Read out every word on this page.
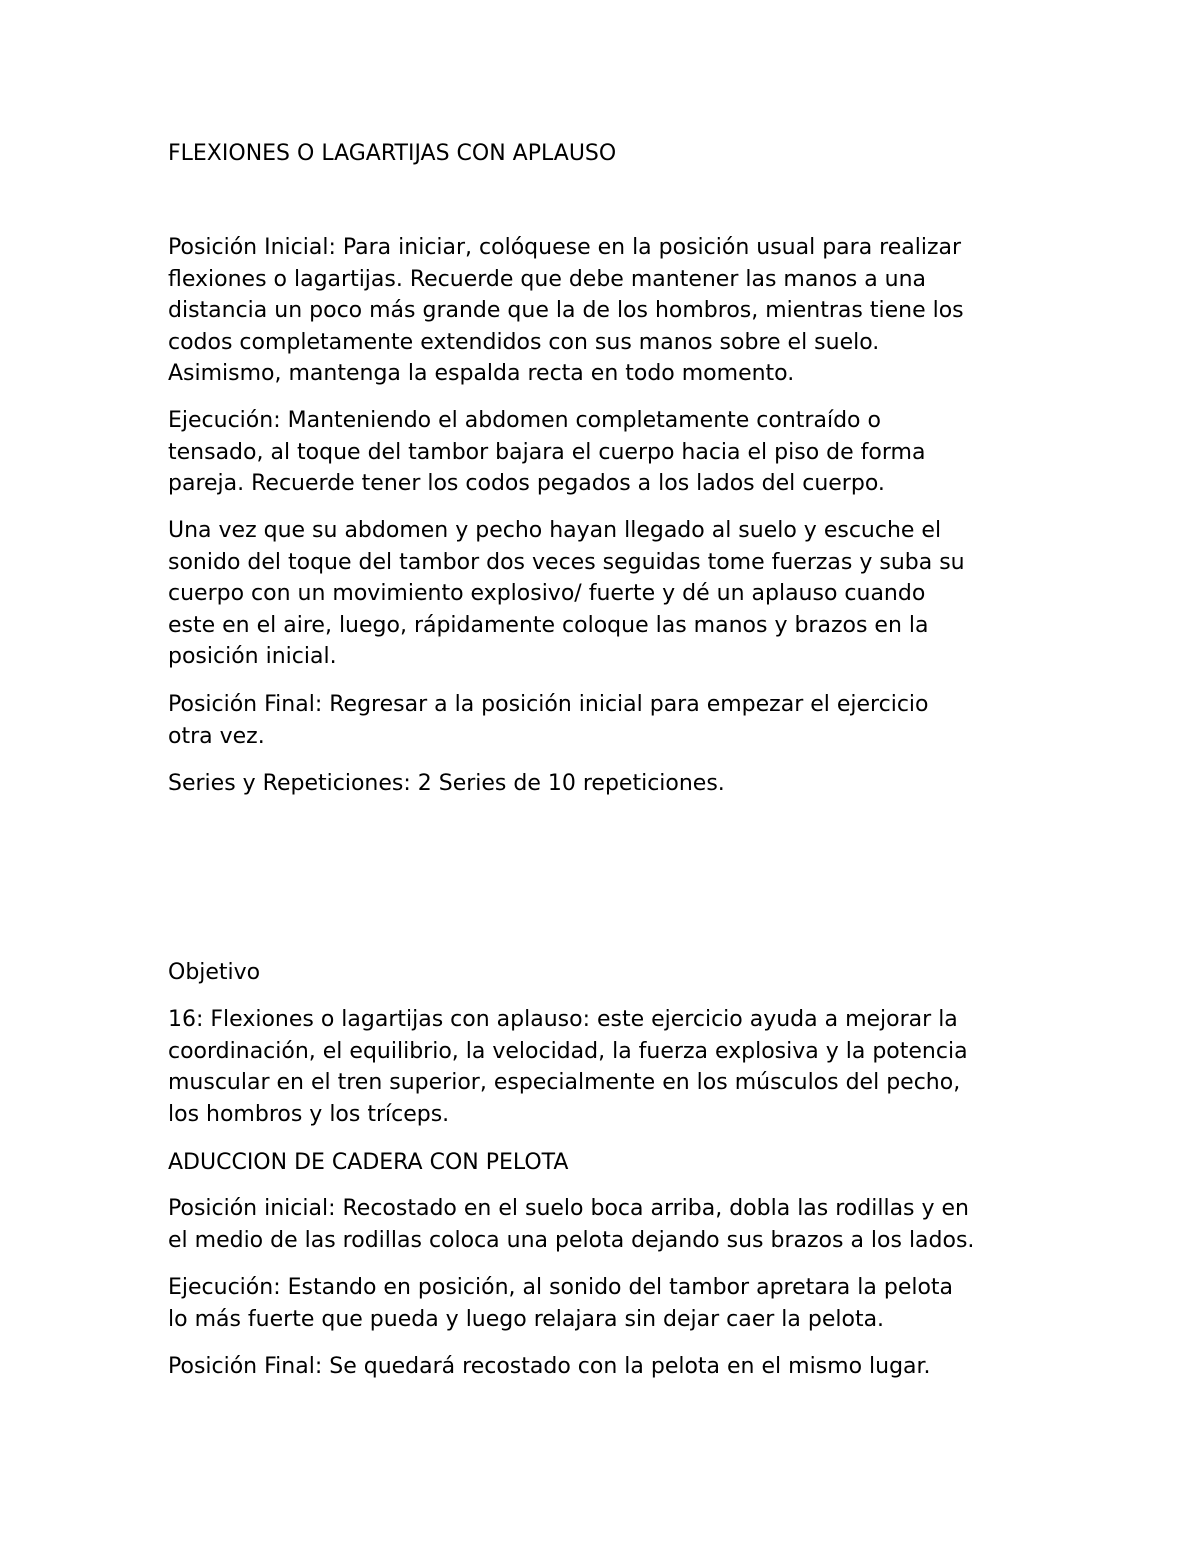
FLEXIONES O LAGARTIJAS CON APLAUSO

Posición Inicial: Para iniciar, colóquese en la posición usual para realizar
flexiones o lagartijas. Recuerde que debe mantener las manos a una
distancia un poco más grande que la de los hombros, mientras tiene los
codos completamente extendidos con sus manos sobre el suelo.
Asimismo, mantenga la espalda recta en todo momento.

Ejecución: Manteniendo el abdomen completamente contraído o
tensado, al toque del tambor bajara el cuerpo hacia el piso de forma
pareja. Recuerde tener los codos pegados a los lados del cuerpo.

Una vez que su abdomen y pecho hayan llegado al suelo y escuche el
sonido del toque del tambor dos veces seguidas tome fuerzas y suba su
cuerpo con un movimiento explosivo/ fuerte y dé un aplauso cuando
este en el aire, luego, rápidamente coloque las manos y brazos en la
posición inicial.

Posición Final: Regresar a la posición inicial para empezar el ejercicio
otra vez.

Series y Repeticiones: 2 Series de 10 repeticiones.

Objetivo

16: Flexiones o lagartijas con aplauso: este ejercicio ayuda a mejorar la
coordinación, el equilibrio, la velocidad, la fuerza explosiva y la potencia
muscular en el tren superior, especialmente en los músculos del pecho,
los hombros y los tríceps.

ADUCCION DE CADERA CON PELOTA

Posición inicial: Recostado en el suelo boca arriba, dobla las rodillas y en
el medio de las rodillas coloca una pelota dejando sus brazos a los lados.

Ejecución: Estando en posición, al sonido del tambor apretara la pelota
lo más fuerte que pueda y luego relajara sin dejar caer la pelota.

Posición Final: Se quedará recostado con la pelota en el mismo lugar.
